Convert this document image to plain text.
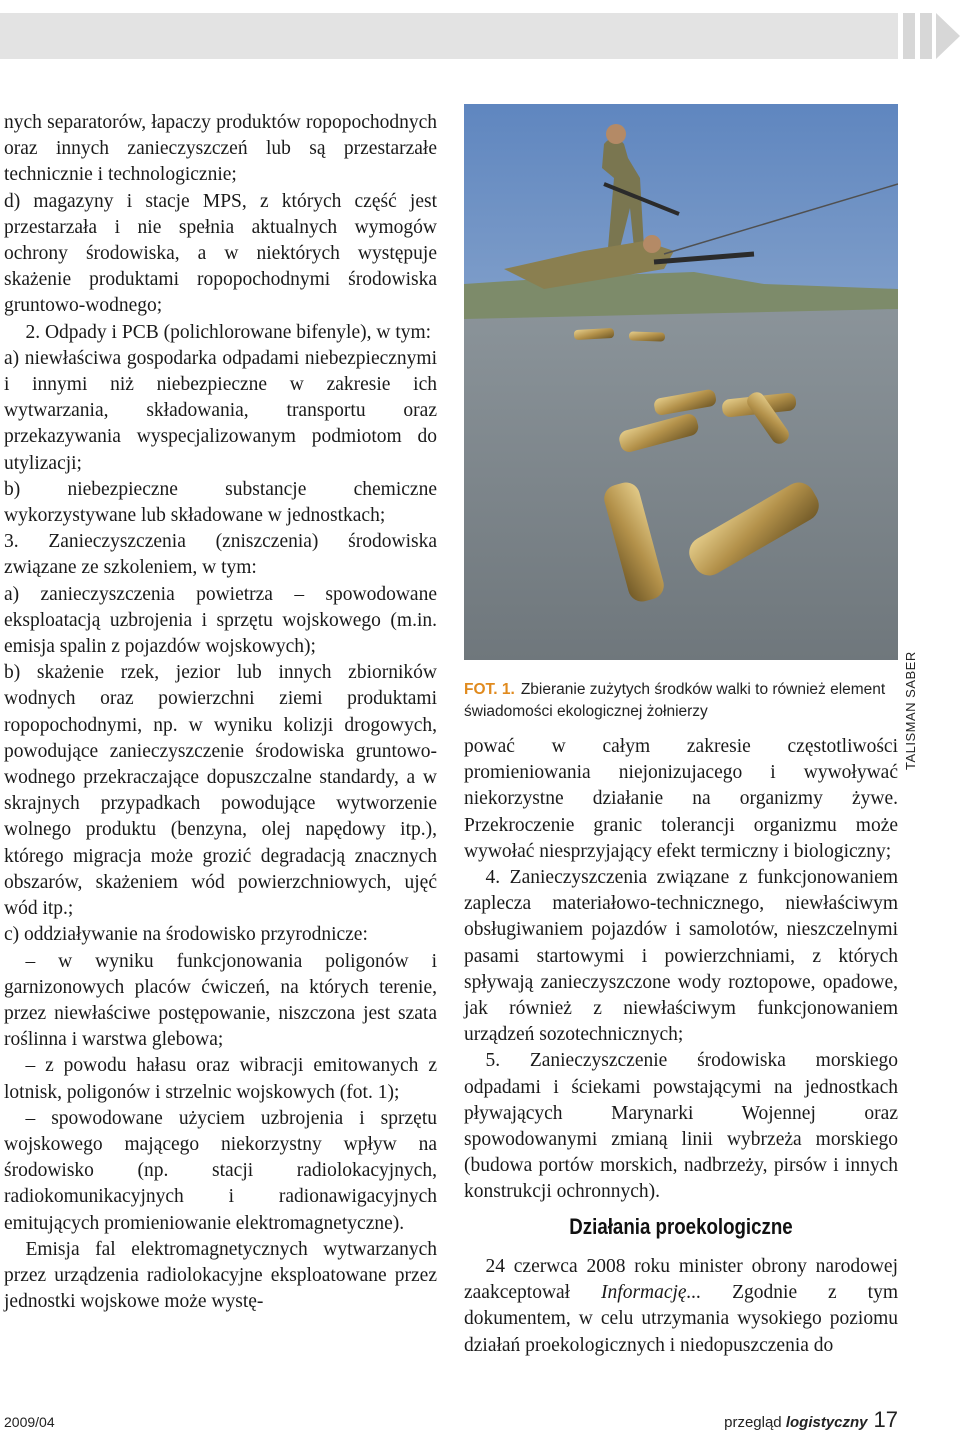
nych separatorów, łapaczy produktów ropopochodnych oraz innych zanieczyszczeń lub są przestarzałe technicznie i technologicznie;

d) magazyny i stacje MPS, z których część jest przestarzała i nie spełnia aktualnych wymogów ochrony środowiska, a w niektórych występuje skażenie produktami ropopochodnymi środowiska gruntowo-wodnego;

2. Odpady i PCB (polichlorowane bifenyle), w tym:

a) niewłaściwa gospodarka odpadami niebezpiecznymi i innymi niż niebezpieczne w zakresie ich wytwarzania, składowania, transportu oraz przekazywania wyspecjalizowanym podmiotom do utylizacji;

b) niebezpieczne substancje chemiczne wykorzystywane lub składowane w jednostkach;

3. Zanieczyszczenia (zniszczenia) środowiska związane ze szkoleniem, w tym:

a) zanieczyszczenia powietrza – spowodowane eksploatacją uzbrojenia i sprzętu wojskowego (m.in. emisja spalin z pojazdów wojskowych);

b) skażenie rzek, jezior lub innych zbiorników wodnych oraz powierzchni ziemi produktami ropopochodnymi, np. w wyniku kolizji drogowych, powodujące zanieczyszczenie środowiska gruntowo-wodnego przekraczające dopuszczalne standardy, a w skrajnych przypadkach powodujące wytworzenie wolnego produktu (benzyna, olej napędowy itp.), którego migracja może grozić degradacją znacznych obszarów, skażeniem wód powierzchniowych, ujęć wód itp.;

c) oddziaływanie na środowisko przyrodnicze:

– w wyniku funkcjonowania poligonów i garnizonowych placów ćwiczeń, na których terenie, przez niewłaściwe postępowanie, niszczona jest szata roślinna i warstwa glebowa;

– z powodu hałasu oraz wibracji emitowanych z lotnisk, poligonów i strzelnic wojskowych (fot. 1);

– spowodowane użyciem uzbrojenia i sprzętu wojskowego mającego niekorzystny wpływ na środowisko (np. stacji radiolokacyjnych, radiokomunikacyjnych i radionawigacyjnych emitujących promieniowanie elektromagnetyczne).

Emisja fal elektromagnetycznych wytwarzanych przez urządzenia radiolokacyjne eksploatowane przez jednostki wojskowe może wystę-

TALISMAN SABER
FOT. 1. Zbieranie zużytych środków walki to również element świadomości ekologicznej żołnierzy

pować w całym zakresie częstotliwości promieniowania niejonizujacego i wywoływać niekorzystne działanie na organizmy żywe. Przekroczenie granic tolerancji organizmu może wywołać niesprzyjający efekt termiczny i biologiczny;

4. Zanieczyszczenia związane z funkcjonowaniem zaplecza materiałowo-technicznego, niewłaściwym obsługiwaniem pojazdów i samolotów, nieszczelnymi pasami startowymi i powierzchniami, z których spływają zanieczyszczone wody roztopowe, opadowe, jak również z niewłaściwym funkcjonowaniem urządzeń sozotechnicznych;

5. Zanieczyszczenie środowiska morskiego odpadami i ściekami powstającymi na jednostkach pływających Marynarki Wojennej oraz spowodowanymi zmianą linii wybrzeża morskiego (budowa portów morskich, nadbrzeży, pirsów i innych konstrukcji ochronnych).

Działania proekologiczne

24 czerwca 2008 roku minister obrony narodowej zaakceptował Informację... Zgodnie z tym dokumentem, w celu utrzymania wysokiego poziomu działań proekologicznych i niedopuszczenia do

2009/04	przegląd logistyczny 17
